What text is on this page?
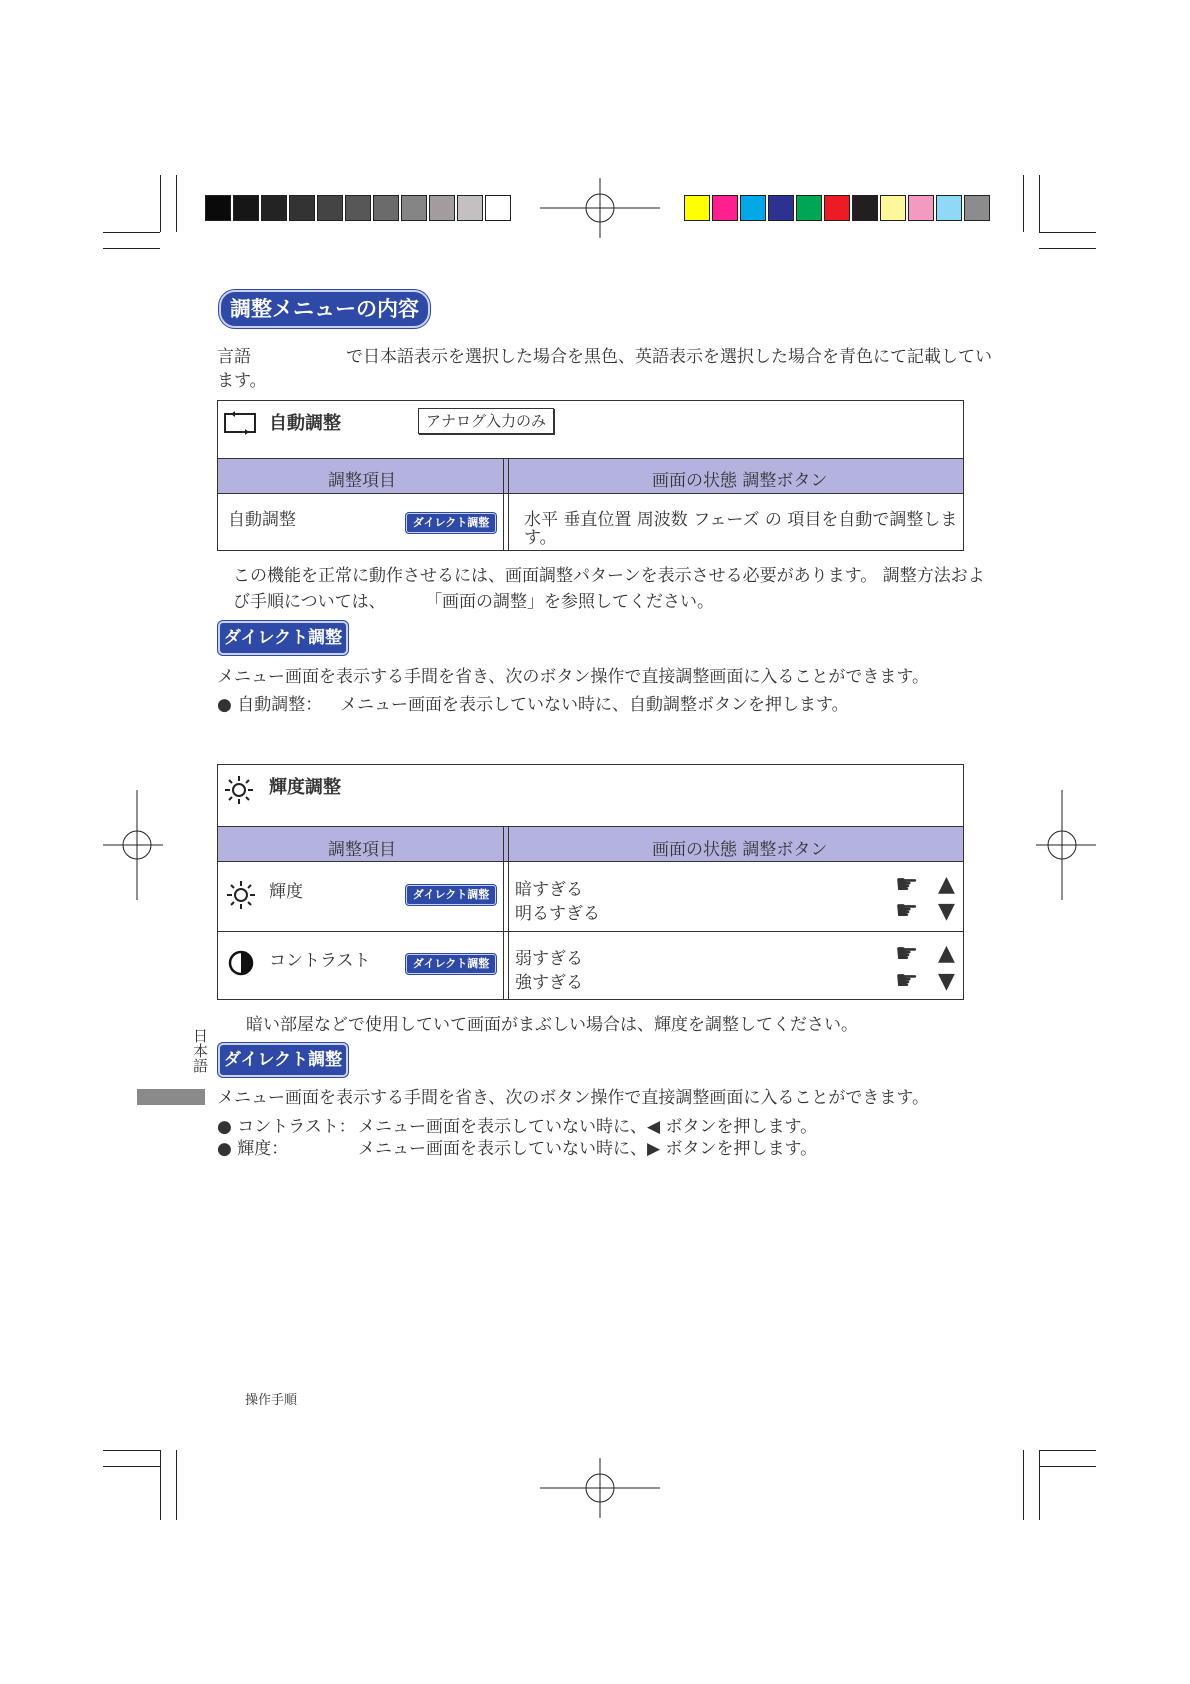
調整メニューの内容
言語	で日本語表示を選択した場合を黒色、英語表示を選択した場合を青色にて記載してい
ます。
自動調整	アナログ入力のみ
調整項目	画面の状態 調整ボタン
自動調整	ダイレクト調整	水平 垂直位置 周波数 フェーズ の 項目を自動で調整しま
す。
この機能を正常に動作させるには、画面調整パターンを表示させる必要があります。 調整方法およ
び手順については、 「画面の調整」を参照してください。
ダイレクト調整
メニュー画面を表示する手間を省き、次のボタン操作で直接調整画面に入ることができます。
● 自動調整： メニュー画面を表示していない時に、自動調整ボタンを押します。
輝度調整
調整項目	画面の状態 調整ボタン
輝度	ダイレクト調整	暗すぎる
明るすぎる
☛ ▲
☛ ▼
コントラスト	ダイレクト調整	弱すぎる
強すぎる
☛ ▲
☛ ▼
暗い部屋などで使用していて画面がまぶしい場合は、輝度を調整してください。
日本語 ダイレクト調整
メニュー画面を表示する手間を省き、次のボタン操作で直接調整画面に入ることができます。
● コントラスト： メニュー画面を表示していない時に、◀ ボタンを押します。
● 輝度：	メニュー画面を表示していない時に、▶ ボタンを押します。
操作手順
